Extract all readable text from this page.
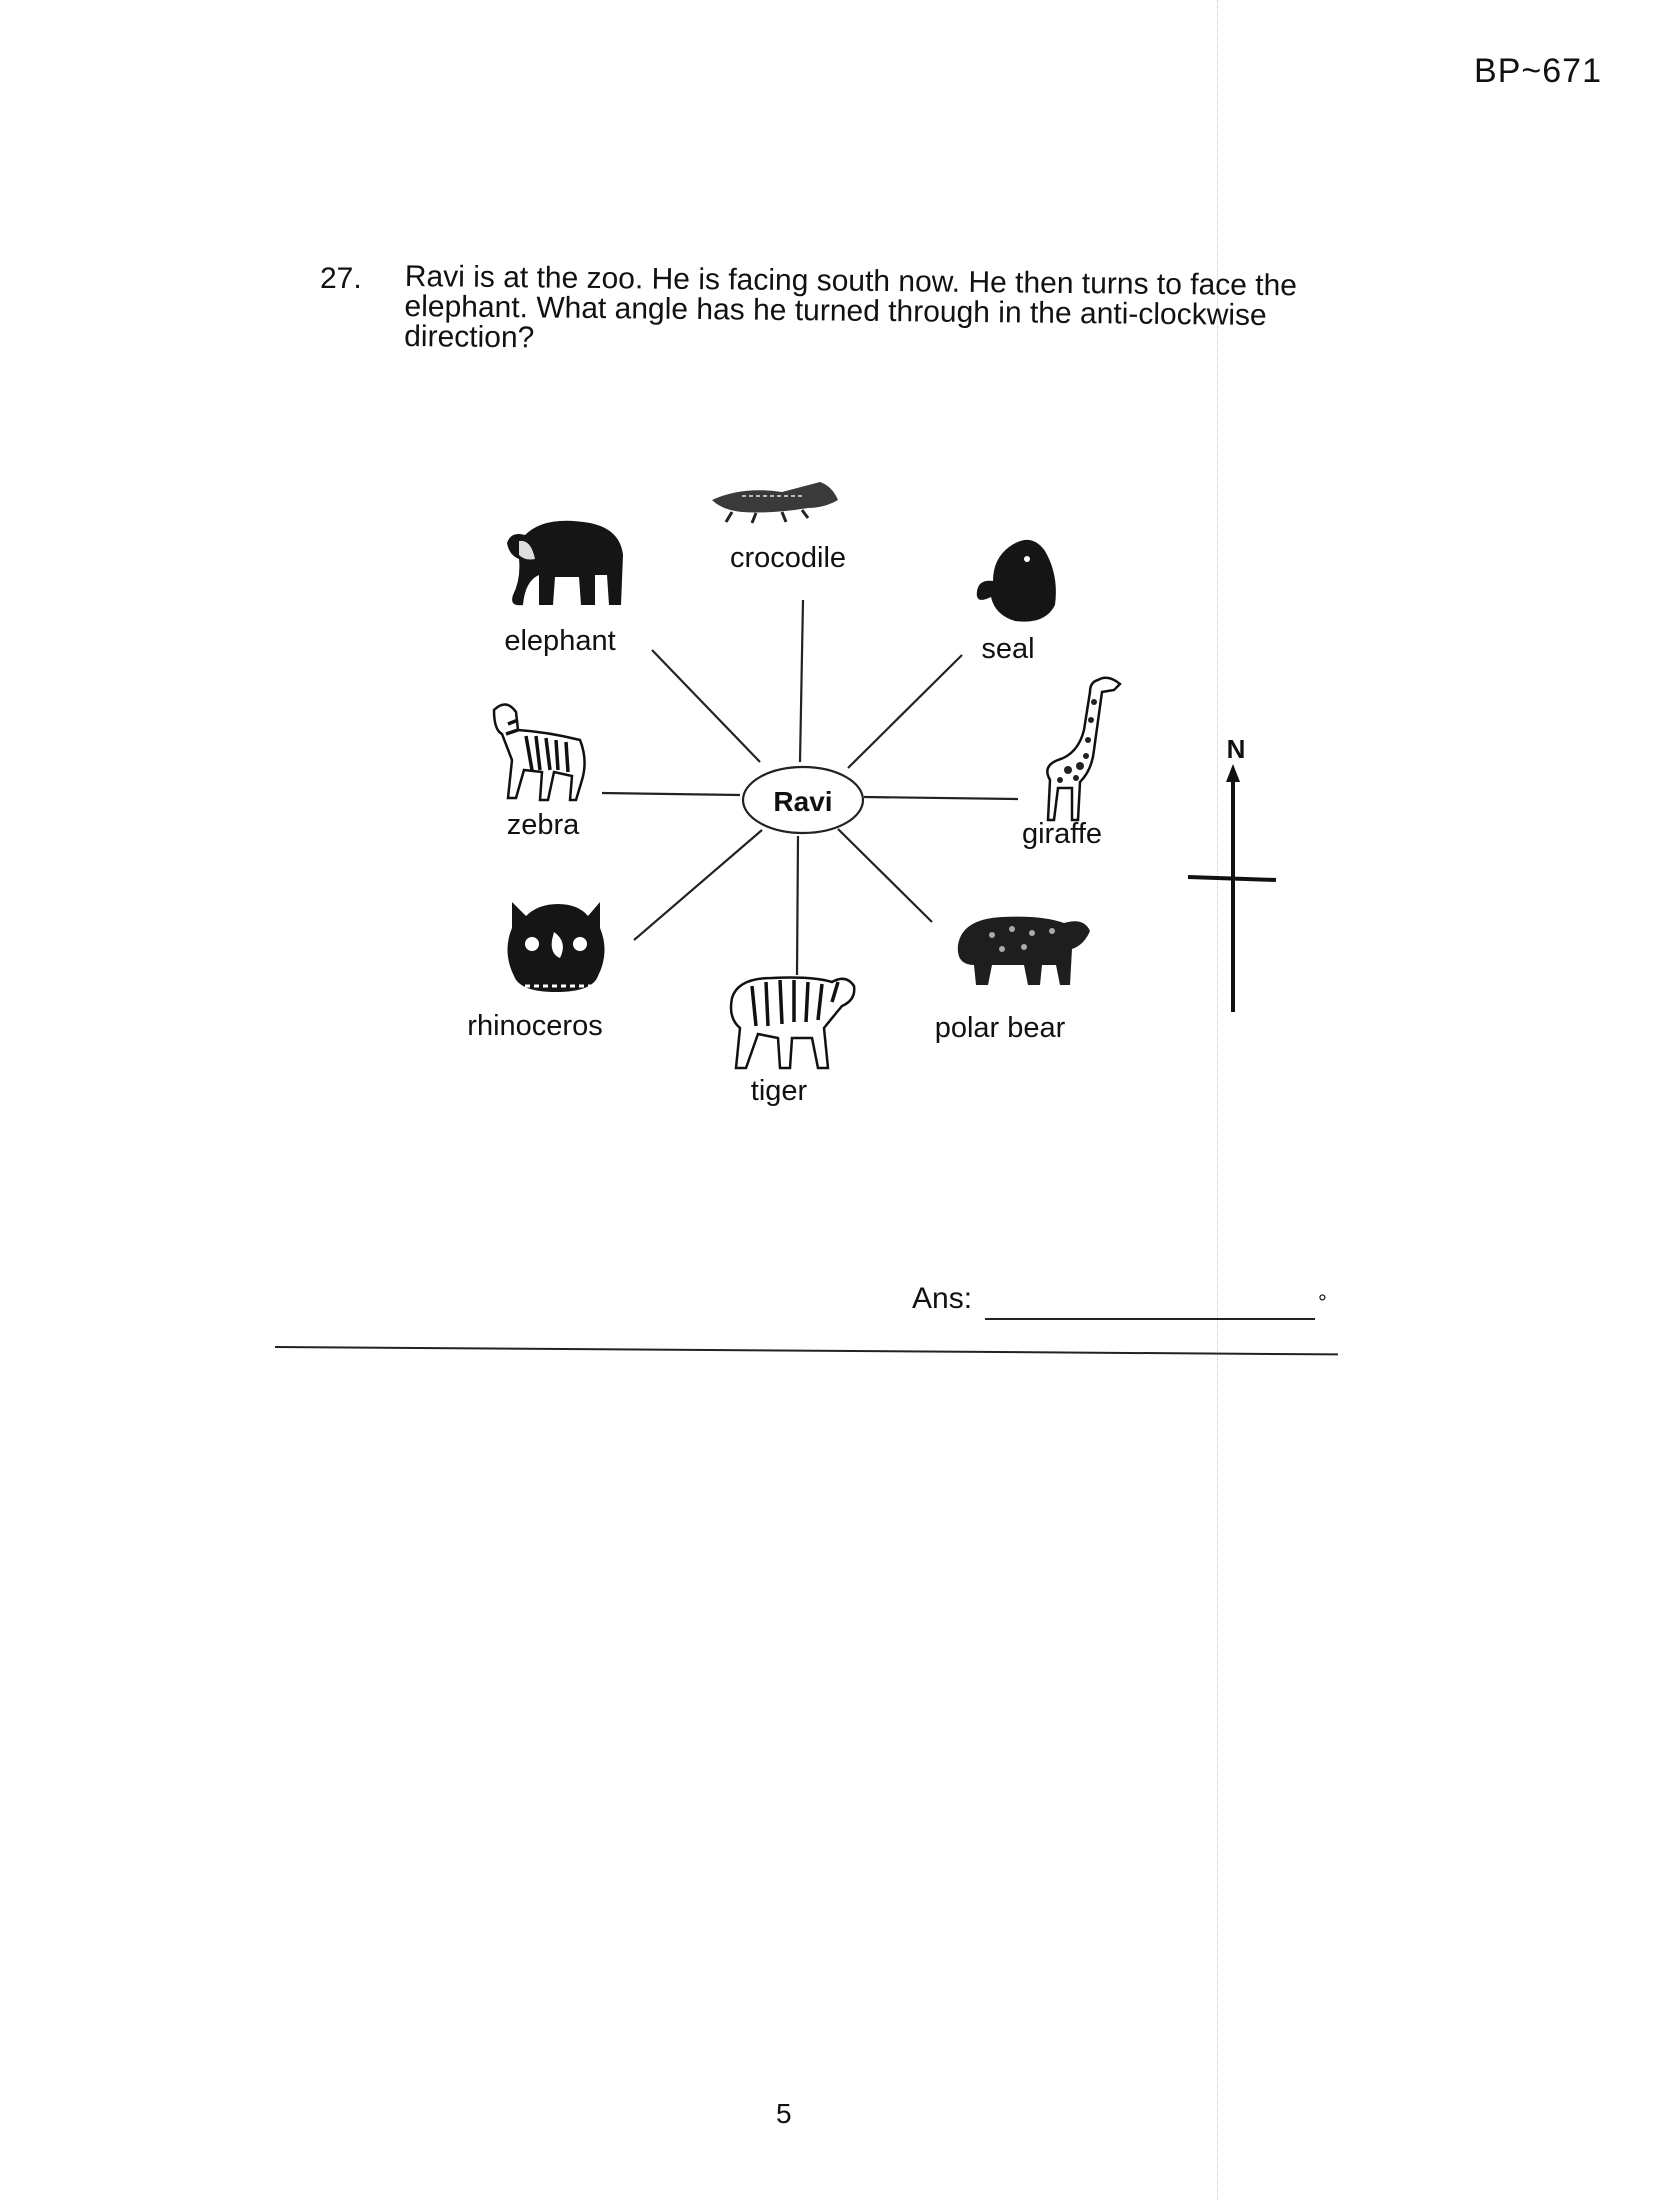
BP~671
27. Ravi is at the zoo. He is facing south now. He then turns to face the elephant. What angle has he turned through in the anti-clockwise direction?
Ravi
crocodile
elephant	seal
zebra	giraffe
rhinoceros	polar bear
tiger
N
Ans:	°
5
